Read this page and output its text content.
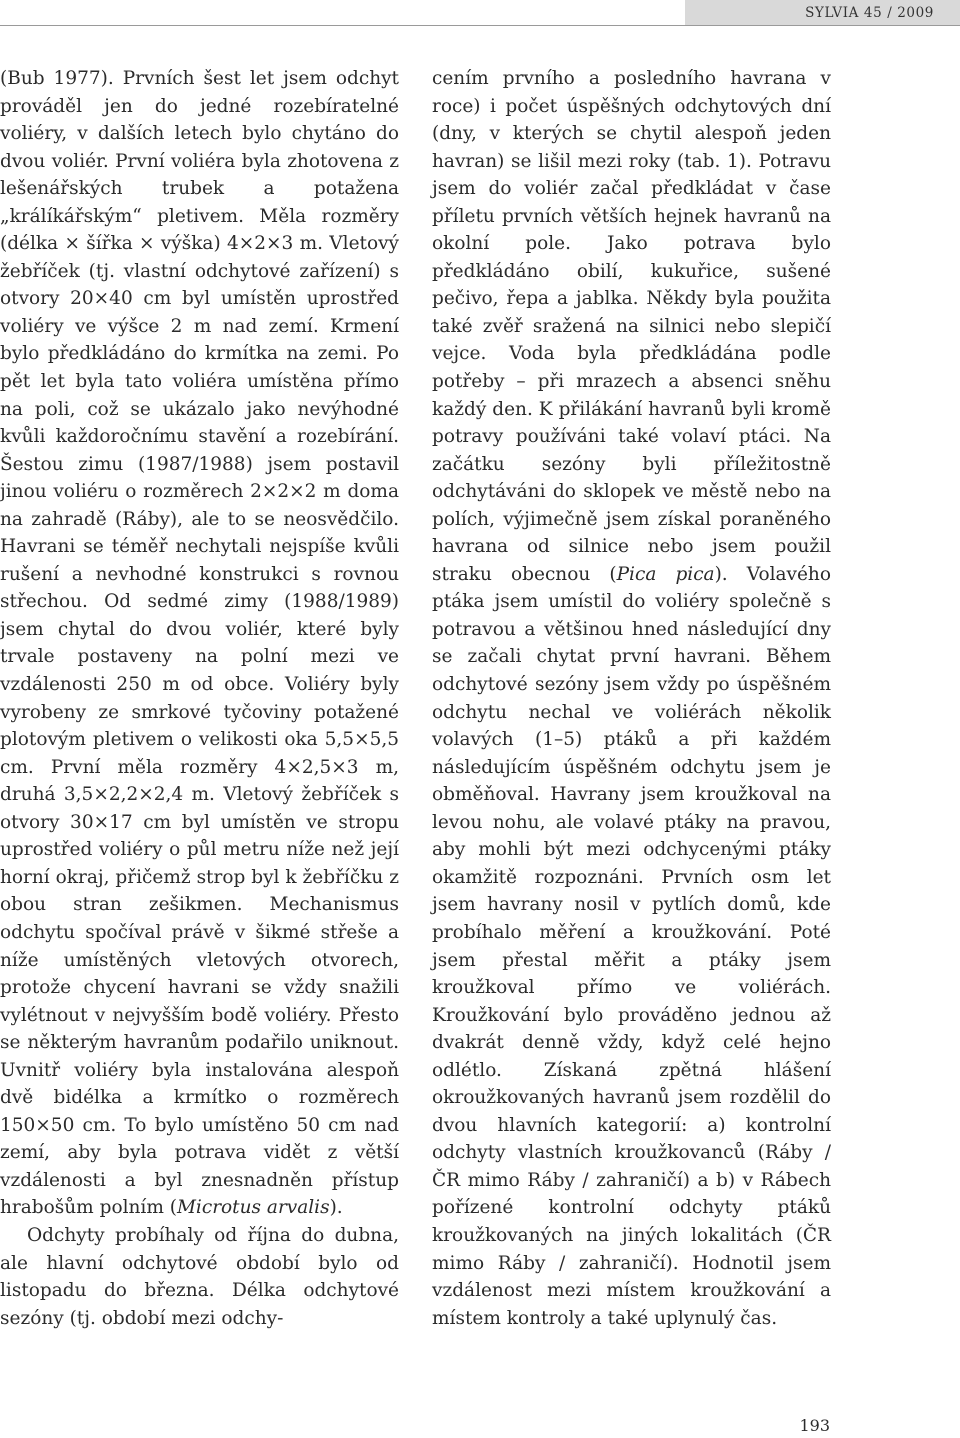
SYLVIA 45 / 2009

(Bub 1977). Prvních šest let jsem odchyt prováděl jen do jedné rozebíratelné voliéry, v dalších letech bylo chytáno do dvou voliér. První voliéra byla zhotovena z lešenářských trubek a potažena „králíkářským“ pletivem. Měla rozměry (délka × šířka × výška) 4×2×3 m. Vletový žebříček (tj. vlastní odchytové zařízení) s otvory 20×40 cm byl umístěn uprostřed voliéry ve výšce 2 m nad zemí. Krmení bylo předkládáno do krmítka na zemi. Po pět let byla tato voliéra umístěna přímo na poli, což se ukázalo jako nevýhodné kvůli každoročnímu stavění a rozebírání. Šestou zimu (1987/1988) jsem postavil jinou voliéru o rozměrech 2×2×2 m doma na zahradě (Ráby), ale to se neosvědčilo. Havrani se téměř nechytali nejspíše kvůli rušení a nevhodné konstrukci s rovnou střechou. Od sedmé zimy (1988/1989) jsem chytal do dvou voliér, které byly trvale postaveny na polní mezi ve vzdálenosti 250 m od obce. Voliéry byly vyrobeny ze smrkové tyčoviny potažené plotovým pletivem o velikosti oka 5,5×5,5 cm. První měla rozměry 4×2,5×3 m, druhá 3,5×2,2×2,4 m. Vletový žebříček s otvory 30×17 cm byl umístěn ve stropu uprostřed voliéry o půl metru níže než její horní okraj, přičemž strop byl k žebříčku z obou stran zešikmen. Mechanismus odchytu spočíval právě v šikmé střeše a níže umístěných vletových otvorech, protože chycení havrani se vždy snažili vylétnout v nejvyšším bodě voliéry. Přesto se některým havranům podařilo uniknout. Uvnitř voliéry byla instalována alespoň dvě bidélka a krmítko o rozměrech 150×50 cm. To bylo umístěno 50 cm nad zemí, aby byla potrava vidět z větší vzdálenosti a byl znesnadněn přístup hrabošům polním (Microtus arvalis).

Odchyty probíhaly od října do dubna, ale hlavní odchytové období bylo od listopadu do března. Délka odchytové sezóny (tj. období mezi odchy-

cením prvního a posledního havrana v roce) i počet úspěšných odchytových dní (dny, v kterých se chytil alespoň jeden havran) se lišil mezi roky (tab. 1). Potravu jsem do voliér začal předkládat v čase příletu prvních větších hejnek havranů na okolní pole. Jako potrava bylo předkládáno obilí, kukuřice, sušené pečivo, řepa a jablka. Někdy byla použita také zvěř sražená na silnici nebo slepičí vejce. Voda byla předkládána podle potřeby – při mrazech a absenci sněhu každý den. K přilákání havranů byli kromě potravy používáni také volaví ptáci. Na začátku sezóny byli příležitostně odchytáváni do sklopek ve městě nebo na polích, výjimečně jsem získal poraněného havrana od silnice nebo jsem použil straku obecnou (Pica pica). Volavého ptáka jsem umístil do voliéry společně s potravou a většinou hned následující dny se začali chytat první havrani. Během odchytové sezóny jsem vždy po úspěšném odchytu nechal ve voliérách několik volavých (1–5) ptáků a při každém následujícím úspěšném odchytu jsem je obměňoval. Havrany jsem kroužkoval na levou nohu, ale volavé ptáky na pravou, aby mohli být mezi odchycenými ptáky okamžitě rozpoznáni. Prvních osm let jsem havrany nosil v pytlích domů, kde probíhalo měření a kroužkování. Poté jsem přestal měřit a ptáky jsem kroužkoval přímo ve voliérách. Kroužkování bylo prováděno jednou až dvakrát denně vždy, když celé hejno odlétlo. Získaná zpětná hlášení okroužkovaných havranů jsem rozdělil do dvou hlavních kategorií: a) kontrolní odchyty vlastních kroužkovanců (Ráby / ČR mimo Ráby / zahraničí) a b) v Rábech pořízené kontrolní odchyty ptáků kroužkovaných na jiných lokalitách (ČR mimo Ráby / zahraničí). Hodnotil jsem vzdálenost mezi místem kroužkování a místem kontroly a také uplynulý čas.

193
